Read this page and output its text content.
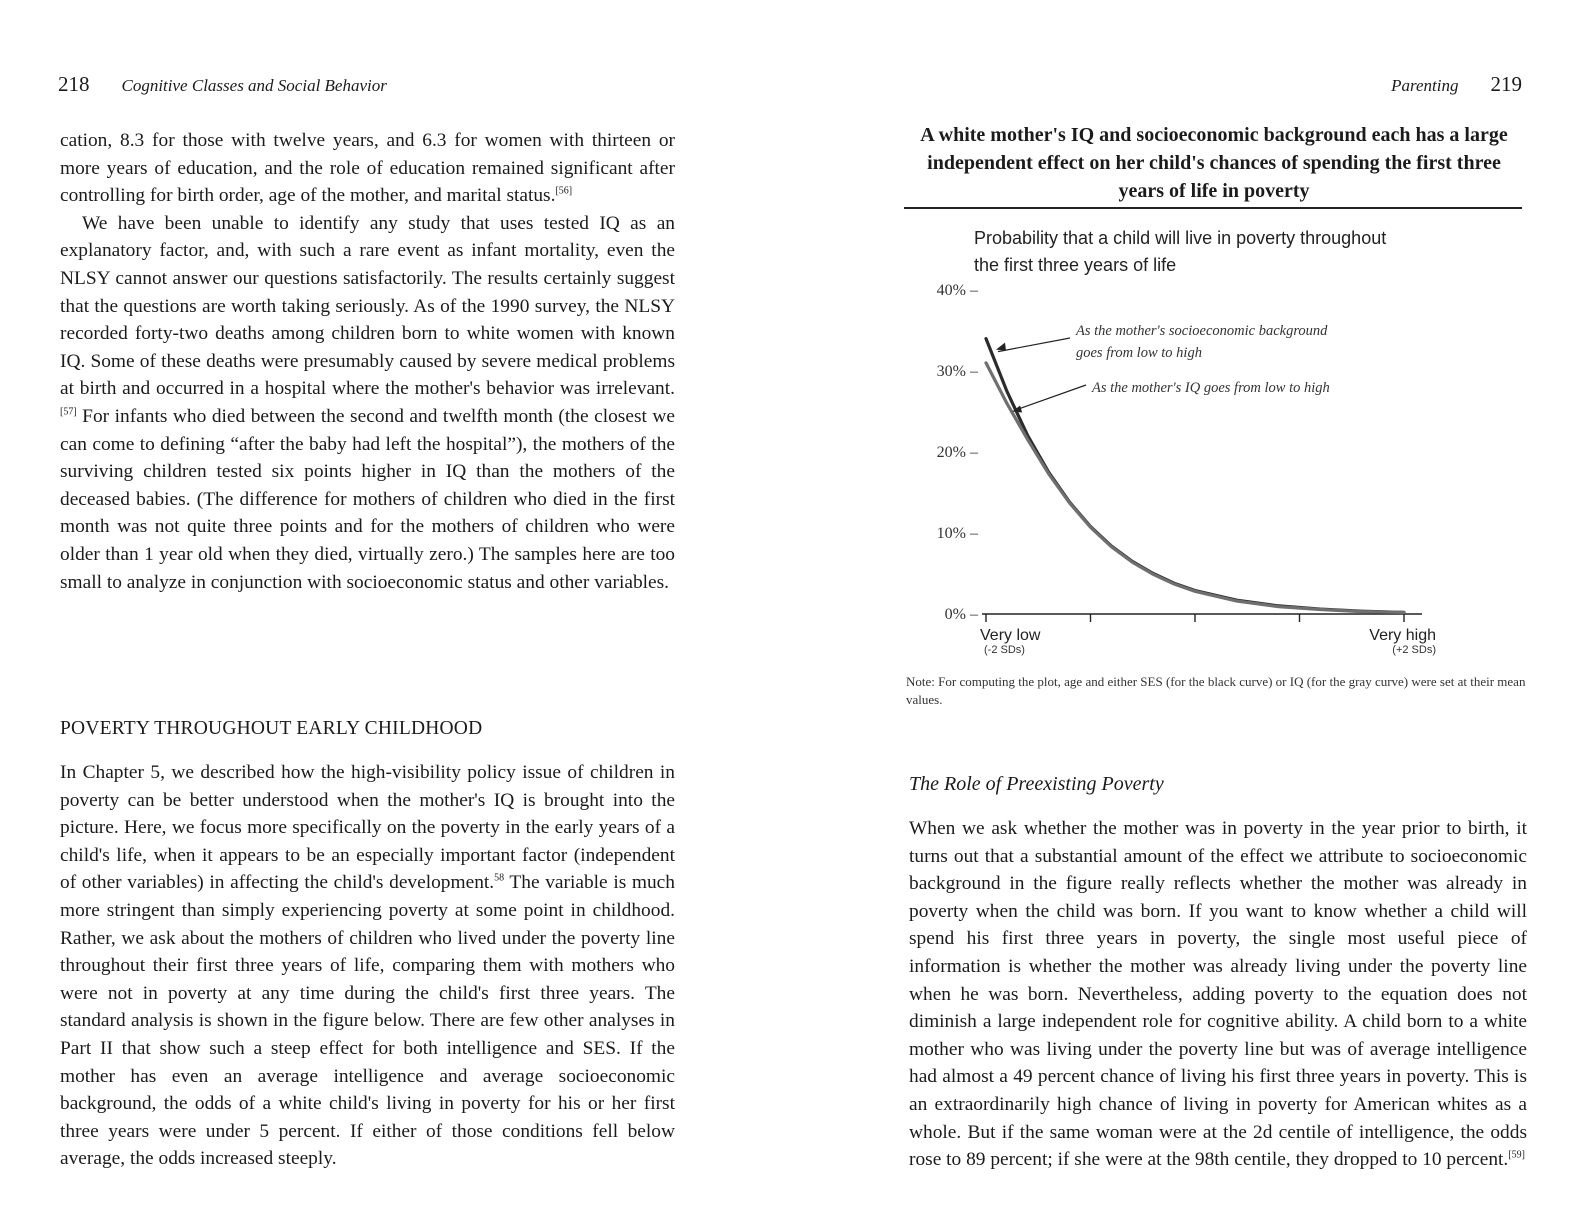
218 Cognitive Classes and Social Behavior

cation, 8.3 for those with twelve years, and 6.3 for women with thirteen or more years of education, and the role of education remained significant after controlling for birth order, age of the mother, and marital status.[56]

We have been unable to identify any study that uses tested IQ as an explanatory factor, and, with such a rare event as infant mortality, even the NLSY cannot answer our questions satisfactorily. The results certainly suggest that the questions are worth taking seriously. As of the 1990 survey, the NLSY recorded forty-two deaths among children born to white women with known IQ. Some of these deaths were presumably caused by severe medical problems at birth and occurred in a hospital where the mother's behavior was irrelevant.[57] For infants who died between the second and twelfth month (the closest we can come to defining “after the baby had left the hospital”), the mothers of the surviving children tested six points higher in IQ than the mothers of the deceased babies. (The difference for mothers of children who died in the first month was not quite three points and for the mothers of children who were older than 1 year old when they died, virtually zero.) The samples here are too small to analyze in conjunction with socioeconomic status and other variables.

POVERTY THROUGHOUT EARLY CHILDHOOD

In Chapter 5, we described how the high-visibility policy issue of children in poverty can be better understood when the mother's IQ is brought into the picture. Here, we focus more specifically on the poverty in the early years of a child's life, when it appears to be an especially important factor (independent of other variables) in affecting the child's development.$^{58}$ The variable is much more stringent than simply experiencing poverty at some point in childhood. Rather, we ask about the mothers of children who lived under the poverty line throughout their first three years of life, comparing them with mothers who were not in poverty at any time during the child's first three years. The standard analysis is shown in the figure below. There are few other analyses in Part II that show such a steep effect for both intelligence and SES. If the mother has even an average intelligence and average socioeconomic background, the odds of a white child's living in poverty for his or her first three years were under 5 percent. If either of those conditions fell below average, the odds increased steeply.

Parenting 219
A white mother's IQ and socioeconomic background each has a large independent effect on her child's chances of spending the first three years of life in poverty
Probability that a child will live in poverty throughout the first three years of life
0% –
10% –
20% –
30% –
40% –
Very low
(-2 SDs)
Very high
(+2 SDs)
As the mother's socioeconomic background goes from low to high
As the mother's IQ goes from low to high
Note: For computing the plot, age and either SES (for the black curve) or IQ (for the gray curve) were set at their mean values.
The Role of Preexisting Poverty

When we ask whether the mother was in poverty in the year prior to birth, it turns out that a substantial amount of the effect we attribute to socioeconomic background in the figure really reflects whether the mother was already in poverty when the child was born. If you want to know whether a child will spend his first three years in poverty, the single most useful piece of information is whether the mother was already living under the poverty line when he was born. Nevertheless, adding poverty to the equation does not diminish a large independent role for cognitive ability. A child born to a white mother who was living under the poverty line but was of average intelligence had almost a 49 percent chance of living his first three years in poverty. This is an extraordinarily high chance of living in poverty for American whites as a whole. But if the same woman were at the 2d centile of intelligence, the odds rose to 89 percent; if she were at the 98th centile, they dropped to 10 percent.[59]
